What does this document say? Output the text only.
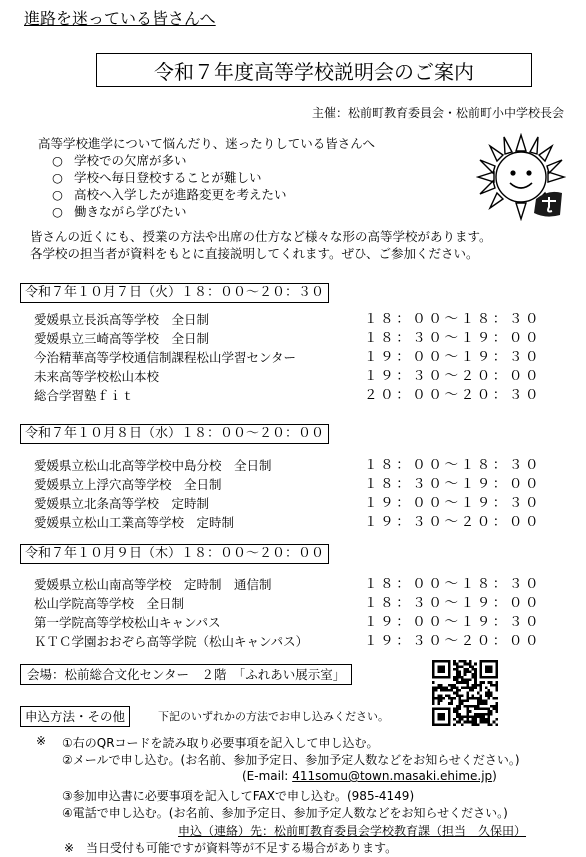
進路を迷っている皆さんへ
令和７年度高等学校説明会のご案内
主催：松前町教育委員会・松前町小中学校長会
高等学校進学について悩んだり、迷ったりしている皆さんへ
○ 学校での欠席が多い
○ 学校へ毎日登校することが難しい
○ 高校へ入学したが進路変更を考えたい
○ 働きながら学びたい
皆さんの近くにも、授業の方法や出席の仕方など様々な形の高等学校があります。
各学校の担当者が資料をもとに直接説明してくれます。ぜひ、ご参加ください。
令和７年１０月７日（火）１８：００～２０：３０
愛媛県立長浜高等学校　全日制	１８：００～１８：３０
愛媛県立三崎高等学校　全日制	１８：３０～１９：００
今治精華高等学校通信制課程松山学習センター	１９：００～１９：３０
未来高等学校松山本校	１９：３０～２０：００
総合学習塾ｆｉｔ	２０：００～２０：３０
令和７年１０月８日（水）１８：００～２０：００
愛媛県立松山北高等学校中島分校　全日制	１８：００～１８：３０
愛媛県立上浮穴高等学校　全日制	１８：３０～１９：００
愛媛県立北条高等学校　定時制	１９：００～１９：３０
愛媛県立松山工業高等学校　定時制	１９：３０～２０：００
令和７年１０月９日（木）１８：００～２０：００
愛媛県立松山南高等学校　定時制　通信制	１８：００～１８：３０
松山学院高等学校　全日制	１８：３０～１９：００
第一学院高等学校松山キャンパス	１９：００～１９：３０
ＫＴＣ学園おおぞら高等学院（松山キャンパス）	１９：３０～２０：００
会場：松前総合文化センター　２階　「ふれあい展示室」
申込方法・その他	下記のいずれかの方法でお申し込みください。
※ ①右のQRコードを読み取り必要事項を記入して申し込む。
②メールで申し込む。(お名前、参加予定日、参加予定人数などをお知らせください。)
(E-mail: 411somu@town.masaki.ehime.jp)
③参加申込書に必要事項を記入してFAXで申し込む。(985-4149)
④電話で申し込む。(お名前、参加予定日、参加予定人数などをお知らせください。)
申込（連絡）先：松前町教育委員会学校教育課（担当　久保田）
※　当日受付も可能ですが資料等が不足する場合があります。
